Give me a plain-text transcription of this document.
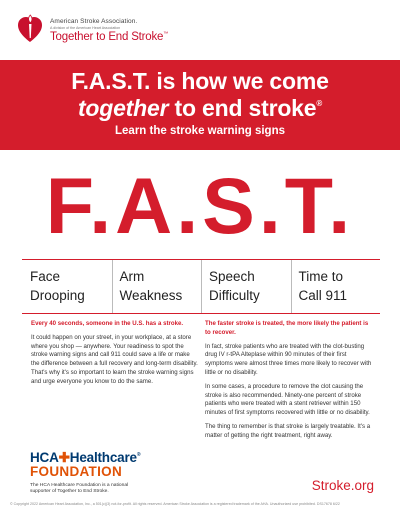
American Stroke Association.
A division of the American Heart Association
Together to End Stroke™
F.A.S.T. is how we come
together to end stroke®
Learn the stroke warning signs
F.A.S.T.
Face
Drooping
Arm
Weakness
Speech
Difficulty
Time to
Call 911
Every 40 seconds, someone in the U.S. has a stroke.

It could happen on your street, in your workplace, at a store where you shop — anywhere. Your readiness to spot the stroke warning signs and call 911 could save a life or make the difference between a full recovery and long-term disability. That's why it's so important to learn the stroke warning signs and urge everyone you know to do the same.

The faster stroke is treated, the more likely the patient is to recover.

In fact, stroke patients who are treated with the clot-busting drug IV r-tPA Alteplase within 90 minutes of their first symptoms were almost three times more likely to recover with little or no disability.

In some cases, a procedure to remove the clot causing the stroke is also recommended. Ninety-one percent of stroke patients who were treated with a stent retriever within 150 minutes of first symptoms recovered with little or no disability.

The thing to remember is that stroke is largely treatable. It's a matter of getting the right treatment, right away.

HCA✚Healthcare®
FOUNDATION
The HCA Healthcare Foundation is a national supporter of Together to End Stroke.	Stroke.org
© Copyright 2022 American Heart Association, Inc., a 501(c)(3) not-for-profit. All rights reserved. American Stroke Association is a registered trademark of the AHA. Unauthorized use prohibited. DS17678 6/22
